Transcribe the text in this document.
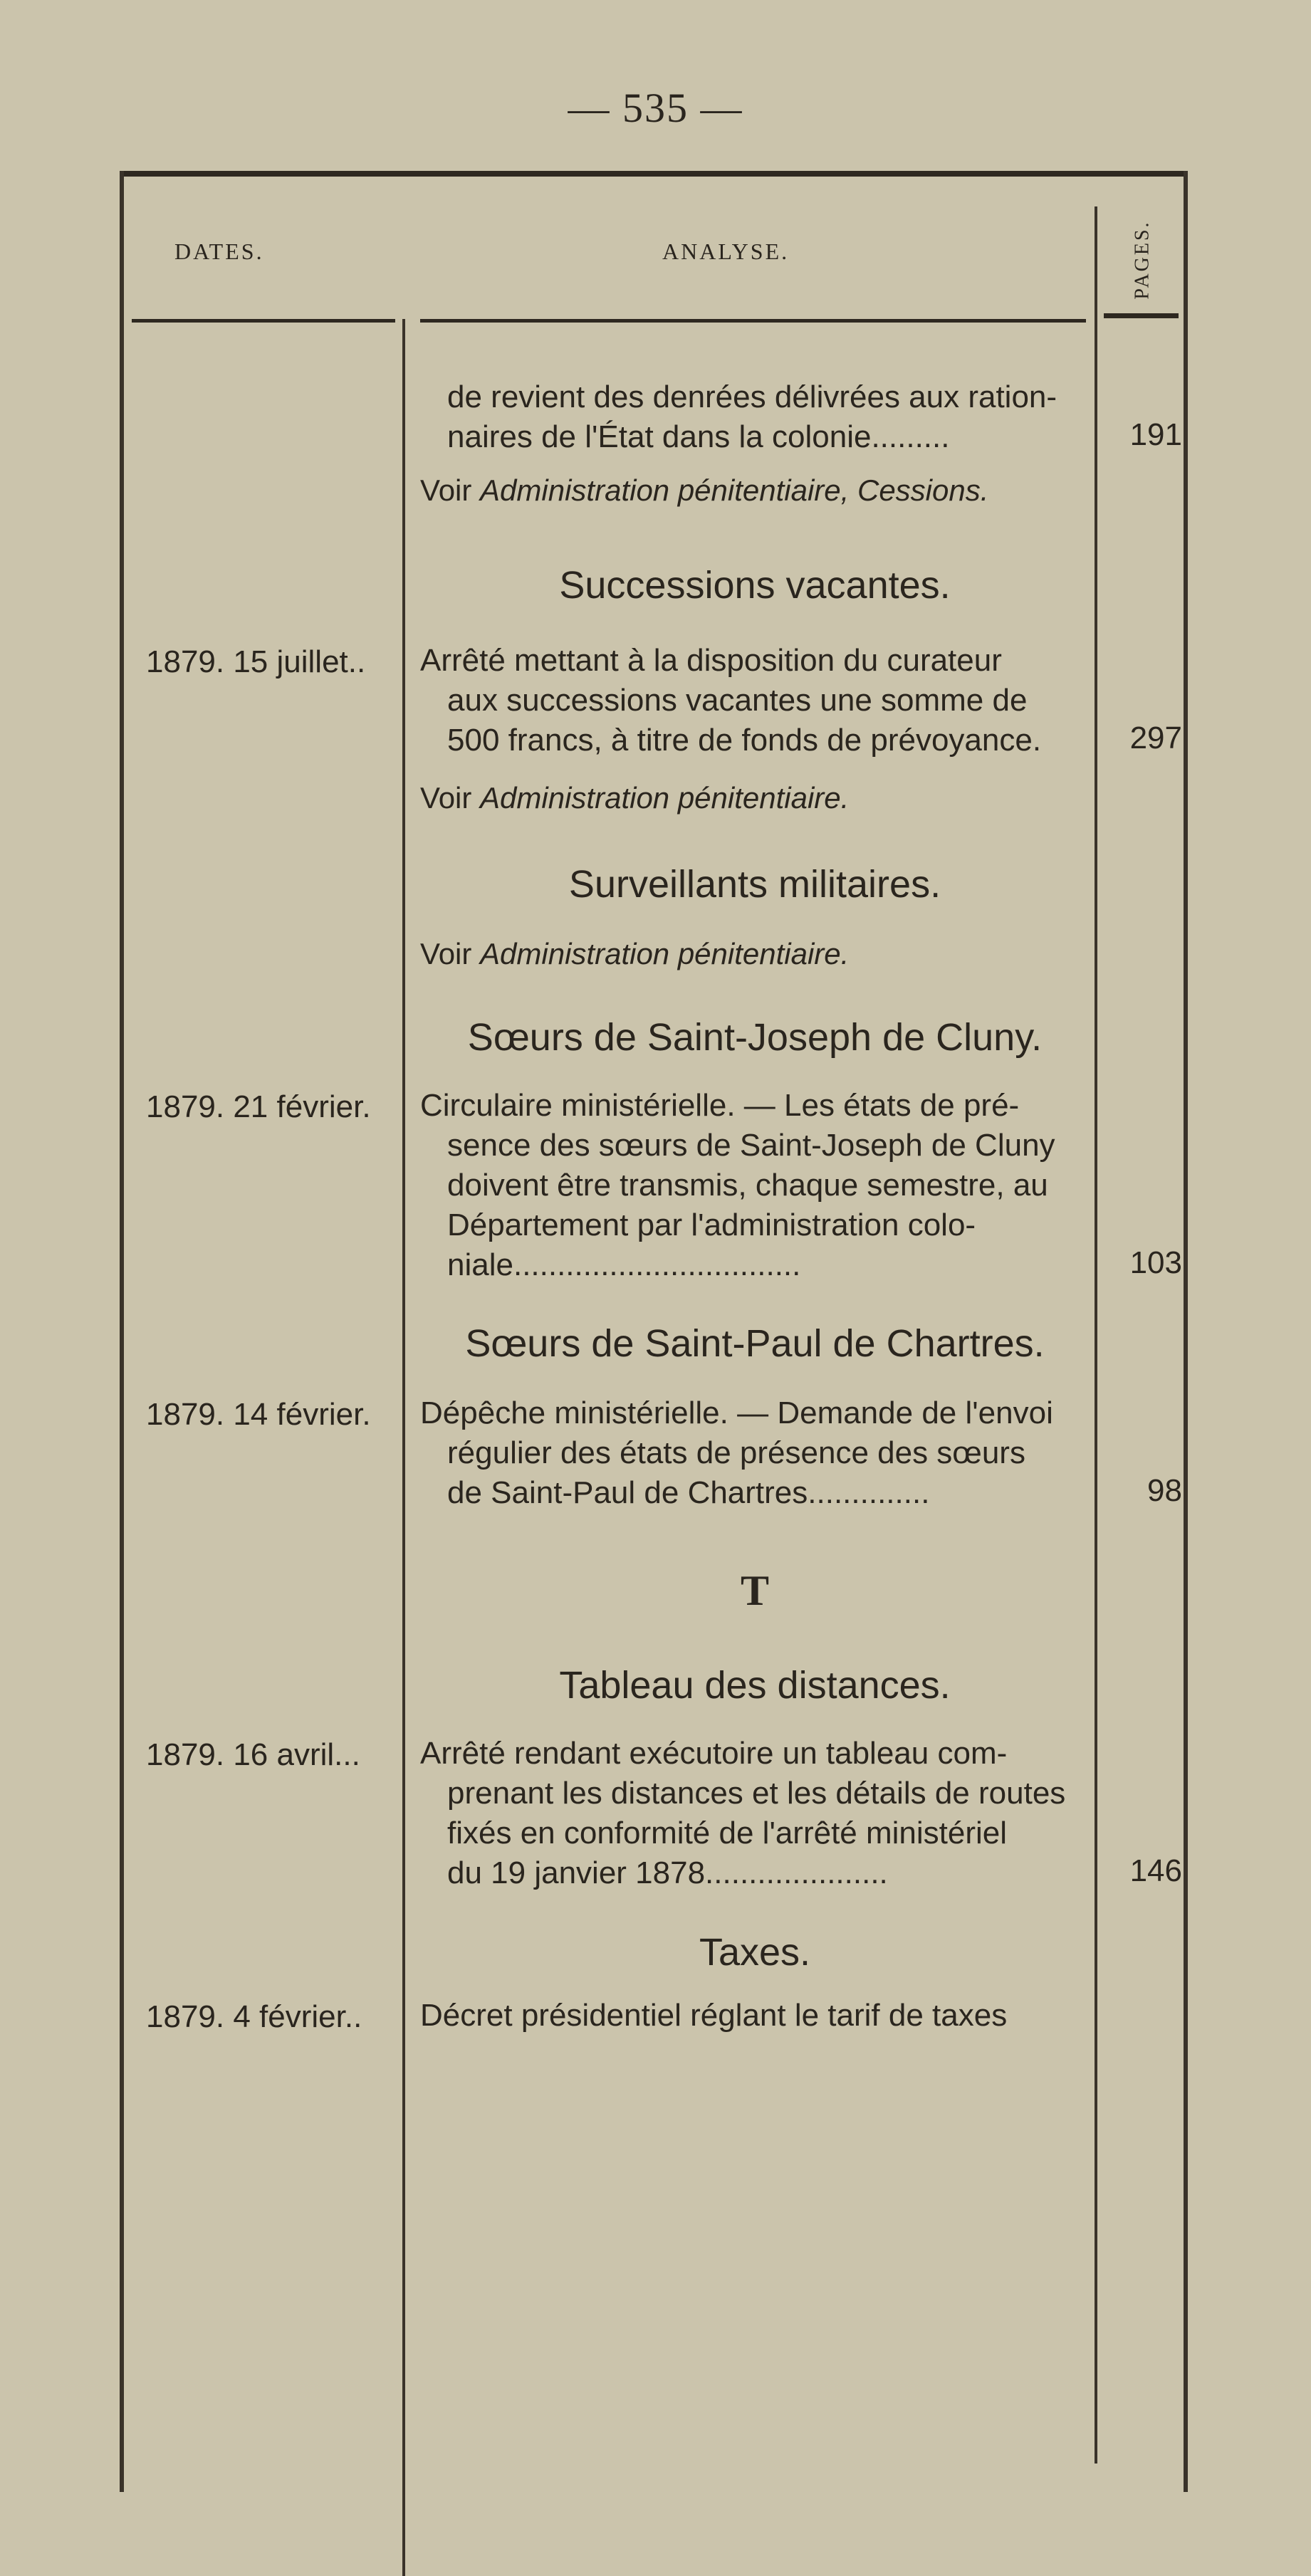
— 535 —
DATES.	ANALYSE.	PAGES.

de revient des denrées délivrées aux ration-

naires de l'État dans la colonie.........	191
Voir Administration pénitentiaire, Cessions.
Successions vacantes.
1879. 15 juillet..	Arrêté mettant à la disposition du curateur

aux successions vacantes une somme de

500 francs, à titre de fonds de prévoyance.	297
Voir Administration pénitentiaire.
Surveillants militaires.
Voir Administration pénitentiaire.
Sœurs de Saint-Joseph de Cluny.
1879. 21 février.	Circulaire ministérielle. — Les états de pré-

sence des sœurs de Saint-Joseph de Cluny

doivent être transmis, chaque semestre, au

Département par l'administration colo-

niale.................................	103
Sœurs de Saint-Paul de Chartres.
1879. 14 février.	Dépêche ministérielle. — Demande de l'envoi

régulier des états de présence des sœurs

de Saint-Paul de Chartres..............	98
T
Tableau des distances.
1879. 16 avril...	Arrêté rendant exécutoire un tableau com-

prenant les distances et les détails de routes

fixés en conformité de l'arrêté ministériel

du 19 janvier 1878.....................	146
Taxes.
1879. 4 février..	Décret présidentiel réglant le tarif de taxes
